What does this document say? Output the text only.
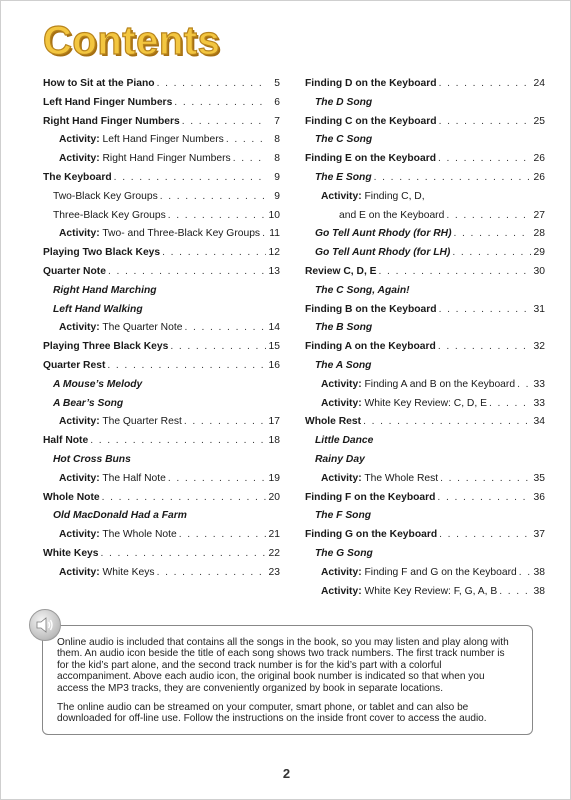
Contents
How to Sit at the Piano . . .	5
Left Hand Finger Numbers . . .	6
Right Hand Finger Numbers . . .	7
Activity: Left Hand Finger Numbers . . .	8
Activity: Right Hand Finger Numbers . . .	8
The Keyboard . . .	9
Two-Black Key Groups . . .	9
Three-Black Key Groups . . .	10
Activity: Two- and Three-Black Key Groups . . . 11
Playing Two Black Keys . . .	12
Quarter Note . . .	13
Right Hand Marching
Left Hand Walking
Activity: The Quarter Note . . .	14
Playing Three Black Keys . . .	15
Quarter Rest . . .	16
A Mouse’s Melody
A Bear’s Song
Activity: The Quarter Rest . . .	17
Half Note . . .	18
Hot Cross Buns
Activity: The Half Note . . .	19
Whole Note . . .	20
Old MacDonald Had a Farm
Activity: The Whole Note . . .	21
White Keys . . .	22
Activity: White Keys . . .	23
Finding D on the Keyboard . . .	24
The D Song
Finding C on the Keyboard . . .	25
The C Song
Finding E on the Keyboard . . .	26
The E Song . . .	26
Activity: Finding C, D,
and E on the Keyboard . . .	27
Go Tell Aunt Rhody (for RH) . . .	28
Go Tell Aunt Rhody (for LH) . . .	29
Review C, D, E . . .	30
The C Song, Again!
Finding B on the Keyboard . . .	31
The B Song
Finding A on the Keyboard . . .	32
The A Song
Activity: Finding A and B on the Keyboard . . . 33
Activity: White Key Review: C, D, E . . .	33
Whole Rest . . .	34
Little Dance
Rainy Day
Activity: The Whole Rest . . .	35
Finding F on the Keyboard . . .	36
The F Song
Finding G on the Keyboard . . .	37
The G Song
Activity: Finding F and G on the Keyboard . . . 38
Activity: White Key Review: F, G, A, B . . .	38

Online audio is included that contains all the songs in the book, so you may listen and play along with them. An audio icon beside the title of each song shows two track numbers. The first track number is for the kid’s part alone, and the second track number is for the kid’s part with a colorful accompaniment. Above each audio icon, the original book number is indicated so that when you access the MP3 tracks, they are conveniently organized by book in separate locations.

The online audio can be streamed on your computer, smart phone, or tablet and can also be downloaded for off-line use. Follow the instructions on the inside front cover to access the audio.

2
